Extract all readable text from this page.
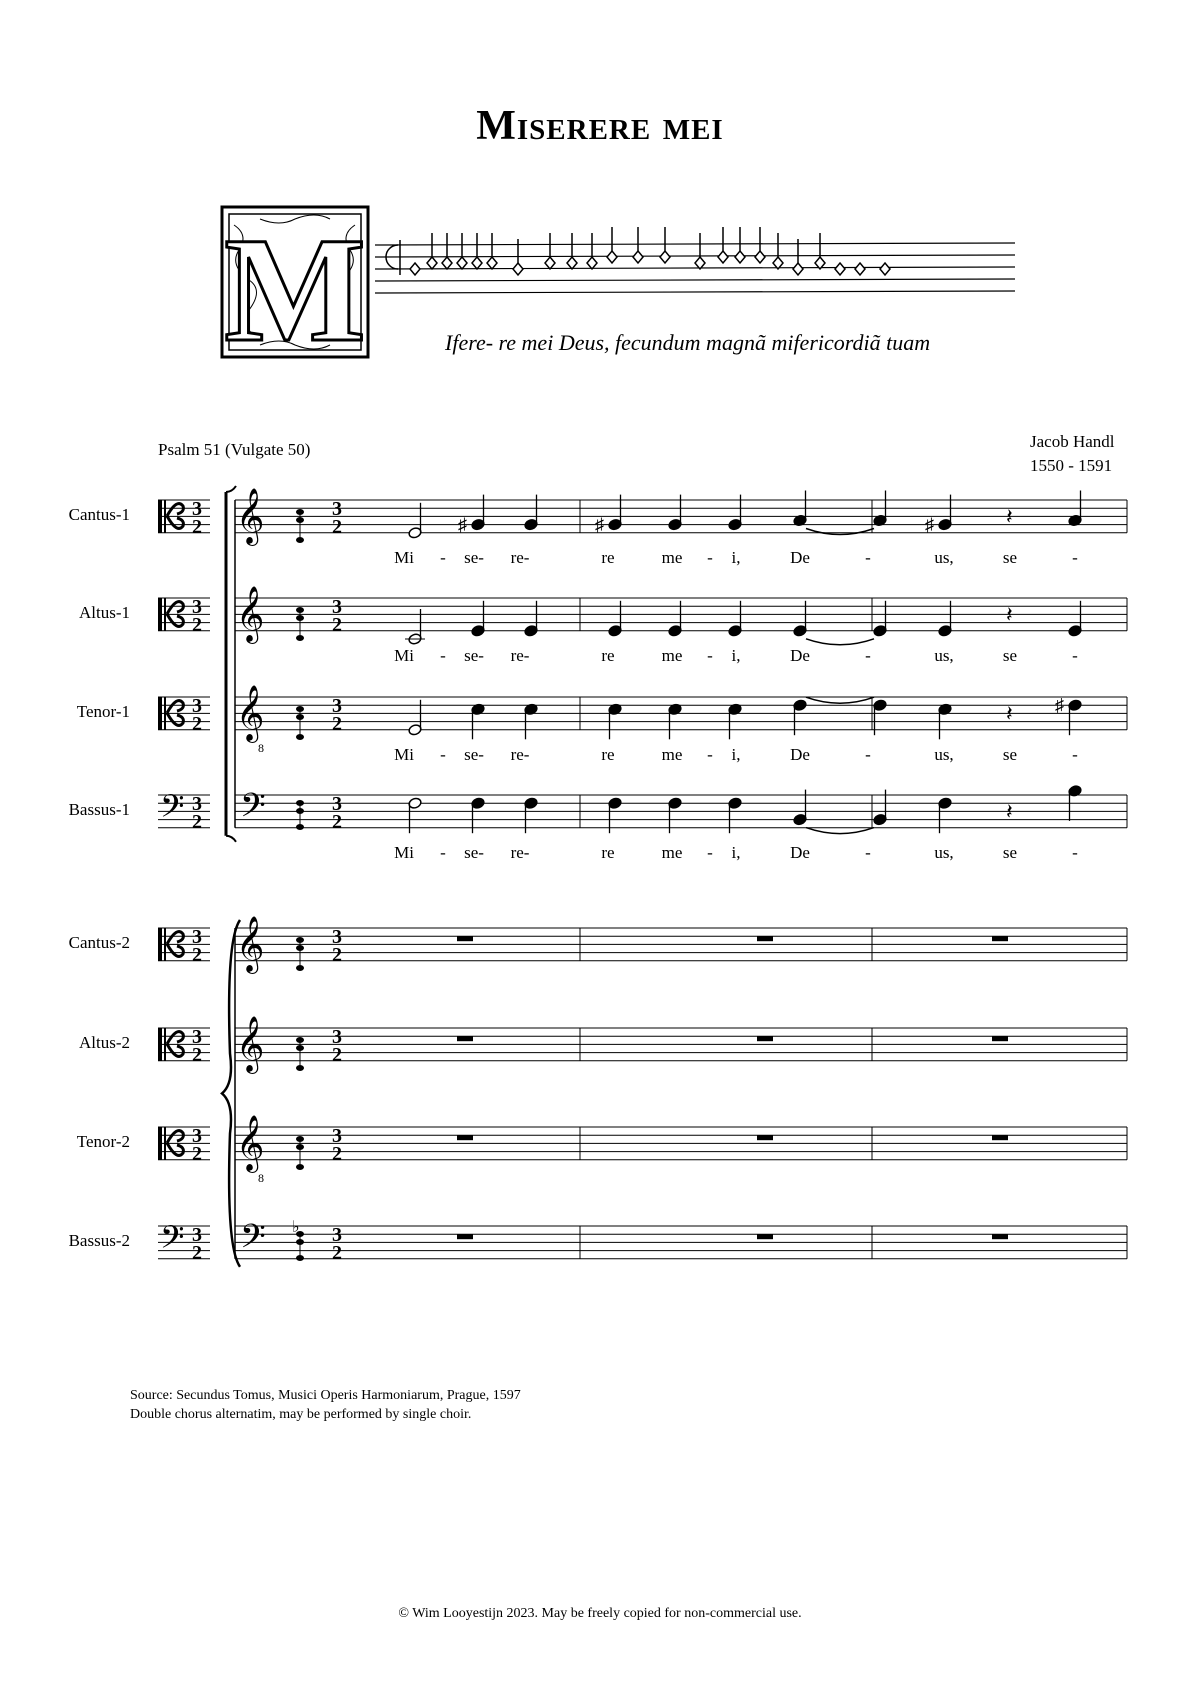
Miserere mei
M	Ifere- re mei Deus, fecundum magnã mifericordiã tuam
Psalm 51 (Vulgate 50)	Jacob Handl
1550 - 1591
Cantus-1
Altus-1
Tenor-1
Bassus-1
Cantus-2
Altus-2
Tenor-2
Bassus-2
3
2 𝄞	3
2	♯	♯	♯	𝄽
3
2 𝄞	3
2	𝄽
3
2 𝄞
8
3
2	𝄽 ♯
𝄢 3
2 𝄢	3
2	𝄽
3
2 𝄞	3
2
3
2 𝄞	3
2
3
2 𝄞
8
3
2
𝄢 3
2 𝄢	3
2
♭
Mi	-	se-	re-	re	me	-	i,	De	-	us,	se	-
Mi	-	se-	re-	re	me	-	i,	De	-	us,	se	-
Mi	-	se-	re-	re	me	-	i,	De	-	us,	se	-
Mi	-	se-	re-	re	me	-	i,	De	-	us,	se	-
Source: Secundus Tomus, Musici Operis Harmoniarum, Prague, 1597
Double chorus alternatim, may be performed by single choir.
© Wim Looyestijn 2023. May be freely copied for non-commercial use.
